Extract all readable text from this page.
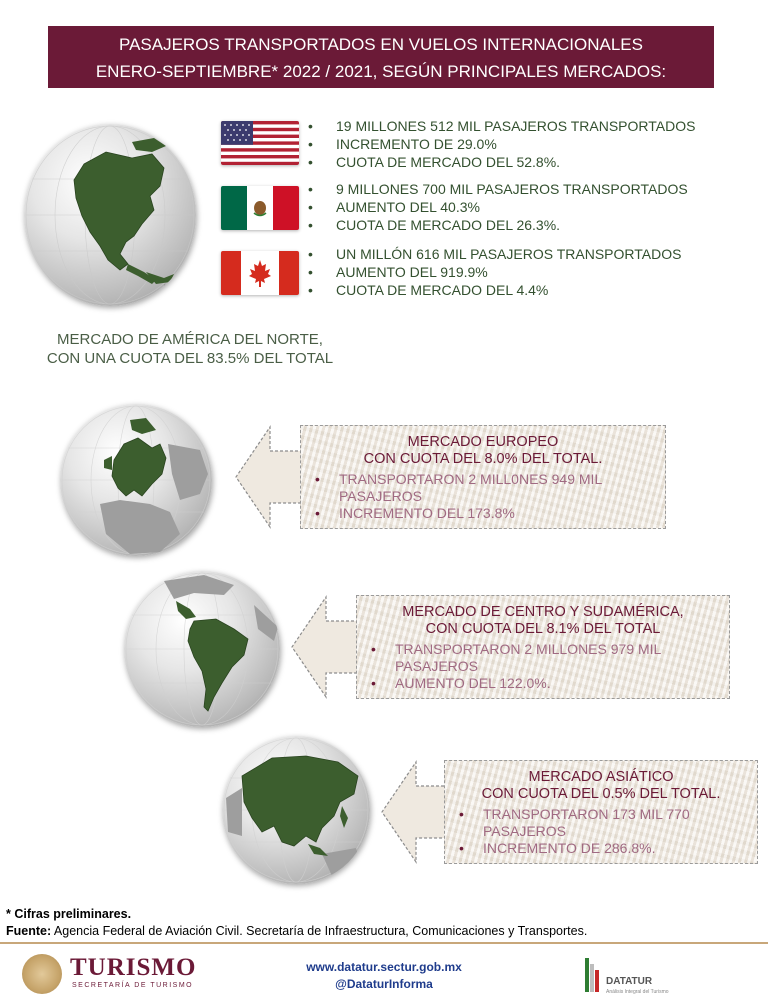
PASAJEROS TRANSPORTADOS EN VUELOS INTERNACIONALES
ENERO-SEPTIEMBRE* 2022 / 2021, SEGÚN PRINCIPALES MERCADOS:
• 19 MILLONES 512 MIL PASAJEROS TRANSPORTADOS
• INCREMENTO DE 29.0%
• CUOTA DE MERCADO DEL 52.8%.
• 9 MILLONES 700 MIL PASAJEROS TRANSPORTADOS
• AUMENTO DEL 40.3%
• CUOTA DE MERCADO DEL 26.3%.
• UN MILLÓN 616 MIL PASAJEROS TRANSPORTADOS
• AUMENTO DEL 919.9%
• CUOTA DE MERCADO DEL 4.4%
MERCADO DE AMÉRICA DEL NORTE,
CON UNA CUOTA DEL 83.5% DEL TOTAL
MERCADO EUROPEO
CON CUOTA DEL 8.0% DEL TOTAL.
• TRANSPORTARON 2 MILL0NES 949 MIL PASAJEROS
• INCREMENTO DEL 173.8%
MERCADO DE CENTRO Y SUDAMÉRICA,
CON CUOTA DEL 8.1% DEL TOTAL
• TRANSPORTARON 2 MILLONES 979 MIL PASAJEROS
• AUMENTO DEL 122.0%.
MERCADO ASIÁTICO
CON CUOTA DEL 0.5% DEL TOTAL.
• TRANSPORTARON 173 MIL 770 PASAJEROS
• INCREMENTO DE 286.8%.
* Cifras preliminares.
Fuente: Agencia Federal de Aviación Civil. Secretaría de Infraestructura, Comunicaciones y Transportes.
TURISMO
SECRETARÍA DE TURISMO
www.datatur.sectur.gob.mx
@DataturInforma	DATATUR
Análisis Integral del Turismo
